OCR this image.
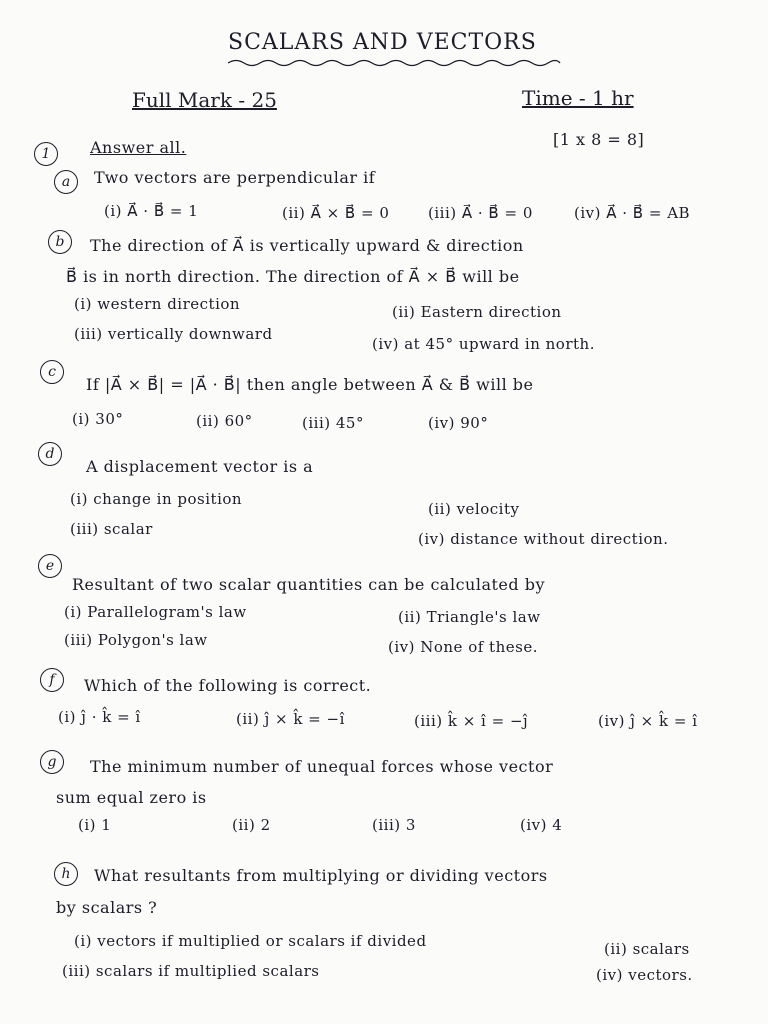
SCALARS AND VECTORS
Full Mark - 25	Time - 1 hr
[1 x 8 = 8]
1 Answer all.
a Two vectors are perpendicular if
(i) A⃗ · B⃗ = 1	(ii) A⃗ × B⃗ = 0	(iii) A⃗ · B⃗ = 0	(iv) A⃗ · B⃗ = AB
b The direction of A⃗ is vertically upward & direction
B⃗ is in north direction. The direction of A⃗ × B⃗ will be
(i) western direction	(ii) Eastern direction
(iii) vertically downward
(iv) at 45° upward in north.
c
If |A⃗ × B⃗| = |A⃗ · B⃗| then angle between A⃗ & B⃗ will be
(i) 30°	(ii) 60°	(iii) 45°	(iv) 90°
d
A displacement vector is a
(i) change in position
(ii) velocity
(iii) scalar
(iv) distance without direction.
e
Resultant of two scalar quantities can be calculated by
(i) Parallelogram's law	(ii) Triangle's law
(iii) Polygon's law	(iv) None of these.
f Which of the following is correct.
(i) ĵ · k̂ = î	(ii) ĵ × k̂ = −î	(iii) k̂ × î = −ĵ	(iv) ĵ × k̂ = î
g The minimum number of unequal forces whose vector
sum equal zero is
(i) 1	(ii) 2	(iii) 3	(iv) 4
h What resultants from multiplying or dividing vectors
by scalars ?
(i) vectors if multiplied or scalars if divided	(ii) scalars
(iii) scalars if multiplied scalars	(iv) vectors.
